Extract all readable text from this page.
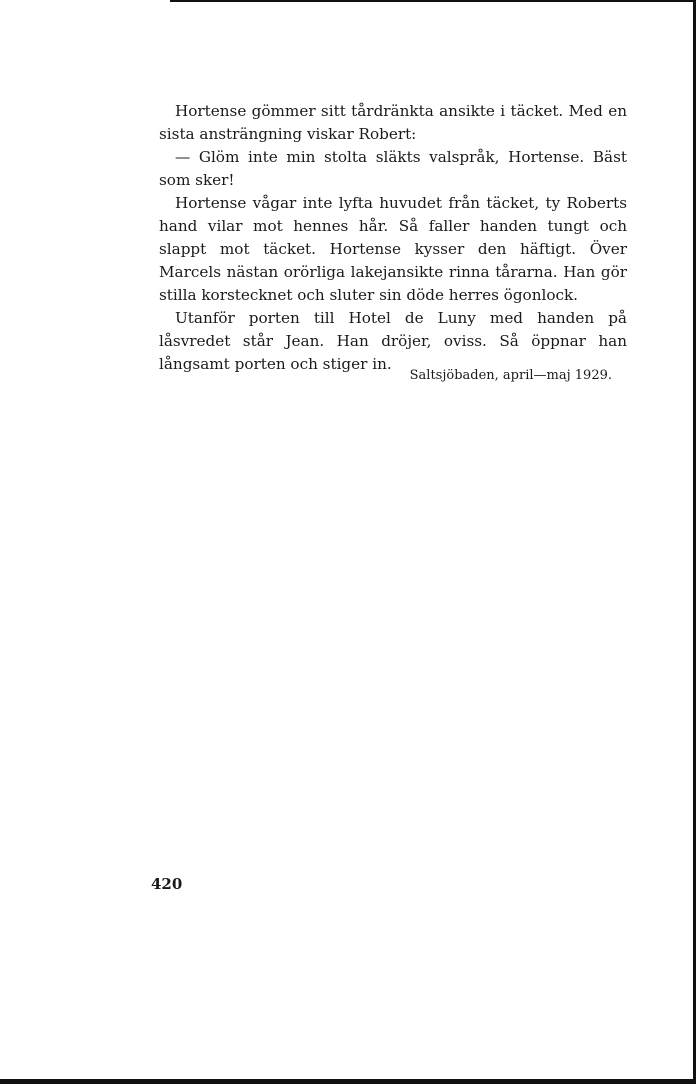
Hortense gömmer sitt tårdränkta ansikte i täcket. Med en sista ansträngning viskar Robert:

— Glöm inte min stolta släkts valspråk, Hortense. Bäst som sker!

Hortense vågar inte lyfta huvudet från täcket, ty Roberts hand vilar mot hennes hår. Så faller handen tungt och slappt mot täcket. Hortense kysser den häftigt. Över Marcels nästan orörliga lakejansikte rinna tårarna. Han gör stilla korstecknet och sluter sin döde herres ögonlock.

Utanför porten till Hotel de Luny med handen på låsvredet står Jean. Han dröjer, oviss. Så öppnar han långsamt porten och stiger in.

Saltsjöbaden, april—maj 1929.
420
